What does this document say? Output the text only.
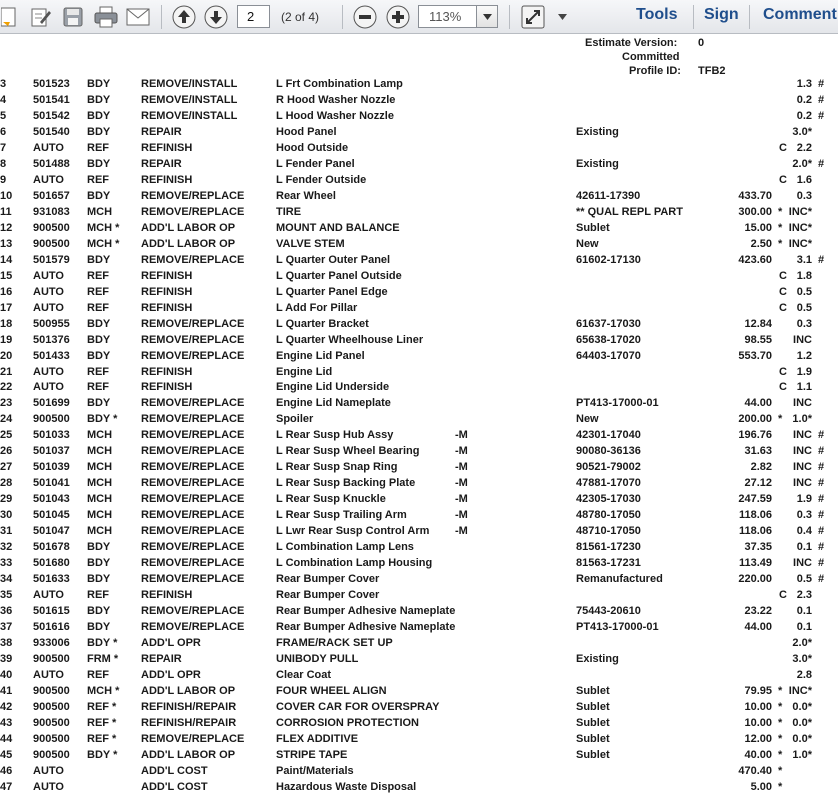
2	(2 of 4)	113%	Tools Sign Comment
Estimate Version: 0
Committed
Profile ID: TFB2
3 501523 BDY	REMOVE/INSTALL	L Frt Combination Lamp	1.3 #
4 501541 BDY	REMOVE/INSTALL	R Hood Washer Nozzle	0.2 #
5 501542 BDY	REMOVE/INSTALL	L Hood Washer Nozzle	0.2 #
6 501540 BDY	REPAIR	Hood Panel	Existing	3.0*
7 AUTO REF	REFINISH	Hood Outside	C 2.2
8 501488 BDY	REPAIR	L Fender Panel	Existing	2.0* #
9 AUTO REF	REFINISH	L Fender Outside	C 1.6
10 501657 BDY	REMOVE/REPLACE	Rear Wheel	42611-17390	433.70	0.3
11 931083 MCH	REMOVE/REPLACE	TIRE	** QUAL REPL PART	300.00 * INC*
12 900500 MCH * ADD'L LABOR OP	MOUNT AND BALANCE	Sublet	15.00 * INC*
13 900500 MCH * ADD'L LABOR OP	VALVE STEM	New	2.50 * INC*
14 501579 BDY	REMOVE/REPLACE	L Quarter Outer Panel	61602-17130	423.60	3.1 #
15 AUTO REF	REFINISH	L Quarter Panel Outside	C 1.8
16 AUTO REF	REFINISH	L Quarter Panel Edge	C 0.5
17 AUTO REF	REFINISH	L Add For Pillar	C 0.5
18 500955 BDY	REMOVE/REPLACE	L Quarter Bracket	61637-17030	12.84	0.3
19 501376 BDY	REMOVE/REPLACE	L Quarter Wheelhouse Liner	65638-17020	98.55	INC
20 501433 BDY	REMOVE/REPLACE	Engine Lid Panel	64403-17070	553.70	1.2
21 AUTO REF	REFINISH	Engine Lid	C 1.9
22 AUTO REF	REFINISH	Engine Lid Underside	C 1.1
23 501699 BDY	REMOVE/REPLACE	Engine Lid Nameplate	PT413-17000-01	44.00	INC
24 900500 BDY * REMOVE/REPLACE	Spoiler	New	200.00 * 1.0*
25 501033 MCH	REMOVE/REPLACE	L Rear Susp Hub Assy	-M	42301-17040	196.76	INC #
26 501037 MCH	REMOVE/REPLACE	L Rear Susp Wheel Bearing	-M	90080-36136	31.63	INC #
27 501039 MCH	REMOVE/REPLACE	L Rear Susp Snap Ring	-M	90521-79002	2.82	INC #
28 501041 MCH	REMOVE/REPLACE	L Rear Susp Backing Plate	-M	47881-17070	27.12	INC #
29 501043 MCH	REMOVE/REPLACE	L Rear Susp Knuckle	-M	42305-17030	247.59	1.9 #
30 501045 MCH	REMOVE/REPLACE	L Rear Susp Trailing Arm	-M	48780-17050	118.06	0.3 #
31 501047 MCH	REMOVE/REPLACE	L Lwr Rear Susp Control Arm -M	48710-17050	118.06	0.4 #
32 501678 BDY	REMOVE/REPLACE	L Combination Lamp Lens	81561-17230	37.35	0.1 #
33 501680 BDY	REMOVE/REPLACE	L Combination Lamp Housing	81563-17231	113.49	INC #
34 501633 BDY	REMOVE/REPLACE	Rear Bumper Cover	Remanufactured	220.00	0.5 #
35 AUTO REF	REFINISH	Rear Bumper Cover	C 2.3
36 501615 BDY	REMOVE/REPLACE	Rear Bumper Adhesive Nameplate	75443-20610	23.22	0.1
37 501616 BDY	REMOVE/REPLACE	Rear Bumper Adhesive Nameplate	PT413-17000-01	44.00	0.1
38 933006 BDY * ADD'L OPR	FRAME/RACK SET UP	2.0*
39 900500 FRM * REPAIR	UNIBODY PULL	Existing	3.0*
40 AUTO REF	ADD'L OPR	Clear Coat	2.8
41 900500 MCH * ADD'L LABOR OP	FOUR WHEEL ALIGN	Sublet	79.95 * INC*
42 900500 REF * REFINISH/REPAIR	COVER CAR FOR OVERSPRAY	Sublet	10.00 * 0.0*
43 900500 REF * REFINISH/REPAIR	CORROSION PROTECTION	Sublet	10.00 * 0.0*
44 900500 REF * REMOVE/REPLACE	FLEX ADDITIVE	Sublet	12.00 * 0.0*
45 900500 BDY * ADD'L LABOR OP	STRIPE TAPE	Sublet	40.00 * 1.0*
46 AUTO	ADD'L COST	Paint/Materials	470.40 *
47 AUTO	ADD'L COST	Hazardous Waste Disposal	5.00 *
